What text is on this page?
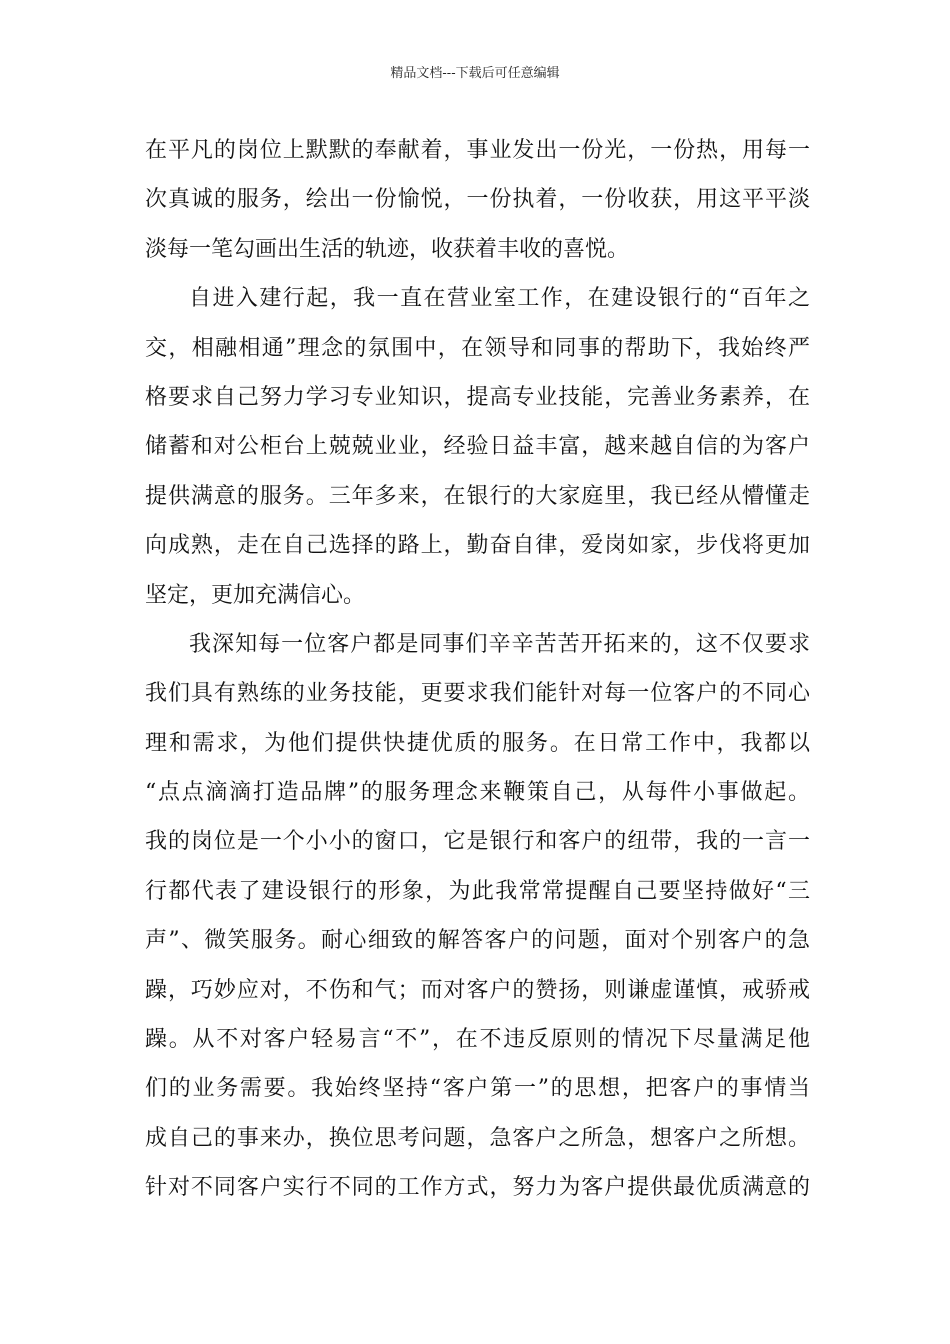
精品文档---下载后可任意编辑
在平凡的岗位上默默的奉献着，事业发出一份光，一份热，用每一
次真诚的服务，绘出一份愉悦，一份执着，一份收获，用这平平淡
淡每一笔勾画出生活的轨迹，收获着丰收的喜悦。
自进入建行起，我一直在营业室工作，在建设银行的“百年之
交，相融相通”理念的氛围中，在领导和同事的帮助下，我始终严
格要求自己努力学习专业知识，提高专业技能，完善业务素养，在
储蓄和对公柜台上兢兢业业，经验日益丰富，越来越自信的为客户
提供满意的服务。三年多来，在银行的大家庭里，我已经从懵懂走
向成熟，走在自己选择的路上，勤奋自律，爱岗如家，步伐将更加
坚定，更加充满信心。
我深知每一位客户都是同事们辛辛苦苦开拓来的，这不仅要求
我们具有熟练的业务技能，更要求我们能针对每一位客户的不同心
理和需求，为他们提供快捷优质的服务。在日常工作中，我都以
“点点滴滴打造品牌”的服务理念来鞭策自己，从每件小事做起。
我的岗位是一个小小的窗口，它是银行和客户的纽带，我的一言一
行都代表了建设银行的形象，为此我常常提醒自己要坚持做好“三
声”、微笑服务。耐心细致的解答客户的问题，面对个别客户的急
躁，巧妙应对，不伤和气；而对客户的赞扬，则谦虚谨慎，戒骄戒
躁。从不对客户轻易言“不”，在不违反原则的情况下尽量满足他
们的业务需要。我始终坚持“客户第一”的思想，把客户的事情当
成自己的事来办，换位思考问题，急客户之所急，想客户之所想。
针对不同客户实行不同的工作方式，努力为客户提供最优质满意的
